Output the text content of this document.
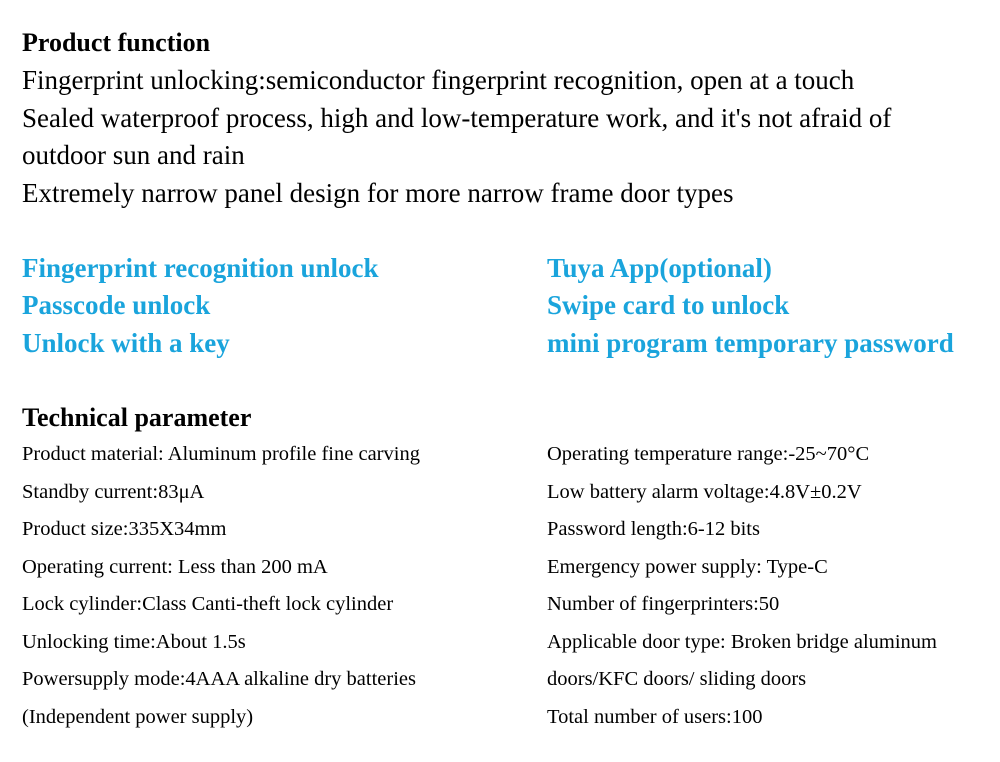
Product function
Fingerprint unlocking:semiconductor fingerprint recognition, open at a touch
Sealed waterproof process, high and low-temperature work, and it's not afraid of
outdoor sun and rain
Extremely narrow panel design for more narrow frame door types
Fingerprint recognition unlock
Passcode unlock
Unlock with a key
Tuya App(optional)
Swipe card to unlock
mini program temporary password
Technical parameter
Product material: Aluminum profile fine carving
Standby current:83μA
Product size:335X34mm
Operating current: Less than 200 mA
Lock cylinder:Class Canti-theft lock cylinder
Unlocking time:About 1.5s
Powersupply mode:4AAA alkaline dry batteries
(Independent power supply)
Operating temperature range:-25~70°C
Low battery alarm voltage:4.8V±0.2V
Password length:6-12 bits
Emergency power supply: Type-C
Number of fingerprinters:50
Applicable door type: Broken bridge aluminum
doors/KFC doors/ sliding doors
Total number of users:100
